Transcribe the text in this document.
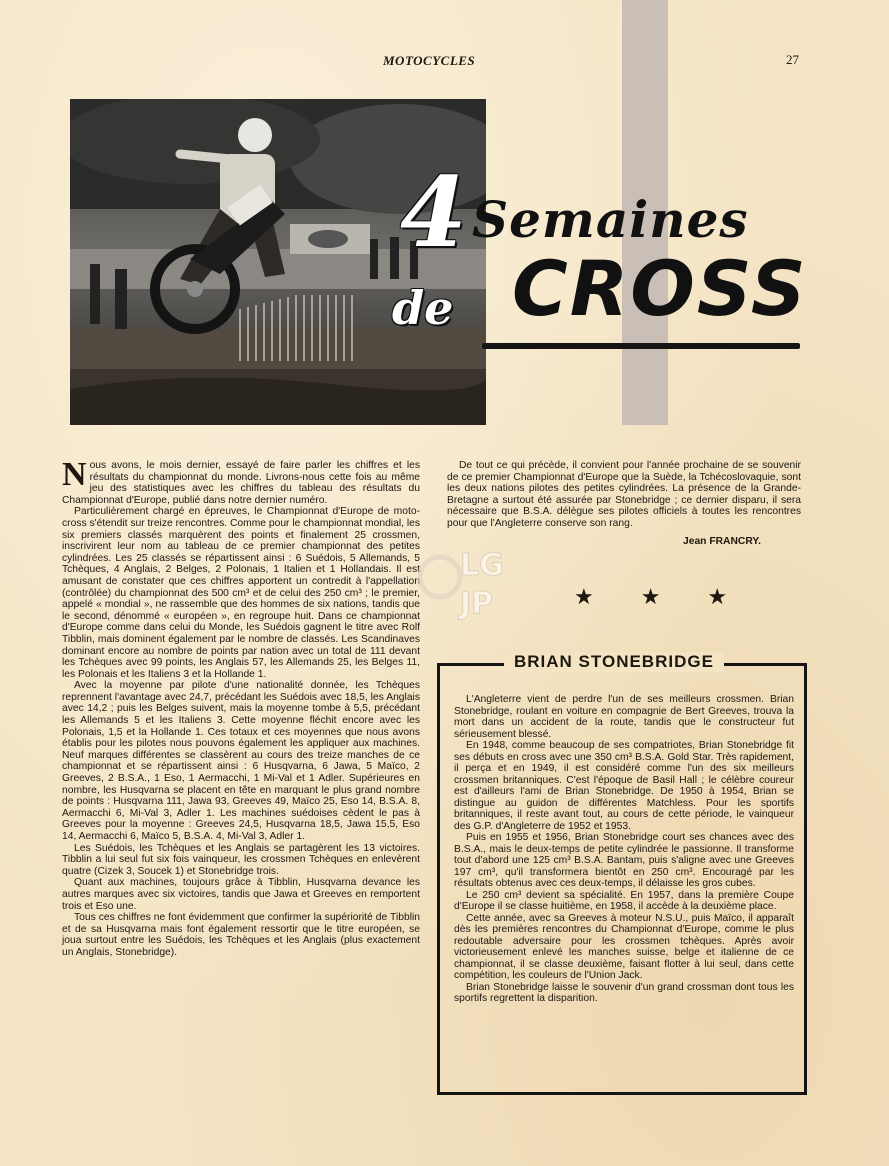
MOTOCYCLES	27
4 Semaines
de CROSS

Nous avons, le mois dernier, essayé de faire parler les chiffres et les résultats du championnat du monde. Livrons-nous cette fois au même jeu des statistiques avec les chiffres du tableau des résultats du Championnat d'Europe, publié dans notre dernier numéro.

Particulièrement chargé en épreuves, le Championnat d'Europe de moto-cross s'étendit sur treize rencontres. Comme pour le championnat mondial, les six premiers classés marquèrent des points et finalement 25 crossmen, inscrivirent leur nom au tableau de ce premier championnat des petites cylindrées. Les 25 classés se répartissent ainsi : 6 Suédois, 5 Allemands, 5 Tchèques, 4 Anglais, 2 Belges, 2 Polonais, 1 Italien et 1 Hollandais. Il est amusant de constater que ces chiffres apportent un contredit à l'appellation (contrôlée) du championnat des 500 cm³ et de celui des 250 cm³ ; le premier, appelé « mondial », ne rassemble que des hommes de six nations, tandis que le second, dénommé « européen », en regroupe huit. Dans ce championnat d'Europe comme dans celui du Monde, les Suédois gagnent le titre avec Rolf Tibblin, mais dominent également par le nombre de classés. Les Scandinaves dominant encore au nombre de points par nation avec un total de 111 devant les Tchèques avec 99 points, les Anglais 57, les Allemands 25, les Belges 11, les Polonais et les Italiens 3 et la Hollande 1.

Avec la moyenne par pilote d'une nationalité donnée, les Tchèques reprennent l'avantage avec 24,7, précédant les Suédois avec 18,5, les Anglais avec 14,2 ; puis les Belges suivent, mais la moyenne tombe à 5,5, précédant les Allemands 5 et les Italiens 3. Cette moyenne fléchit encore avec les Polonais, 1,5 et la Hollande 1. Ces totaux et ces moyennes que nous avons établis pour les pilotes nous pouvons également les appliquer aux machines. Neuf marques différentes se classèrent au cours des treize manches de ce championnat et se répartissent ainsi : 6 Husqvarna, 6 Jawa, 5 Maïco, 2 Greeves, 2 B.S.A., 1 Eso, 1 Aermacchi, 1 Mi-Val et 1 Adler. Supérieures en nombre, les Husqvarna se placent en tête en marquant le plus grand nombre de points : Husqvarna 111, Jawa 93, Greeves 49, Maïco 25, Eso 14, B.S.A. 8, Aermacchi 6, Mi-Val 3, Adler 1. Les machines suédoises cèdent le pas à Greeves pour la moyenne : Greeves 24,5, Husqvarna 18,5, Jawa 15,5, Eso 14, Aermacchi 6, Maïco 5, B.S.A. 4, Mi-Val 3, Adler 1.

Les Suédois, les Tchèques et les Anglais se partagèrent les 13 victoires. Tibblin a lui seul fut six fois vainqueur, les crossmen Tchèques en enlevèrent quatre (Cizek 3, Soucek 1) et Stonebridge trois.

Quant aux machines, toujours grâce à Tibblin, Husqvarna devance les autres marques avec six victoires, tandis que Jawa et Greeves en remportent trois et Eso une.

Tous ces chiffres ne font évidemment que confirmer la supériorité de Tibblin et de sa Husqvarna mais font également ressortir que le titre européen, se joua surtout entre les Suédois, les Tchèques et les Anglais (plus exactement un Anglais, Stonebridge).

De tout ce qui précède, il convient pour l'année prochaine de se souvenir de ce premier Championnat d'Europe que la Suède, la Tchécoslovaquie, sont les deux nations pilotes des petites cylindrées. La présence de la Grande-Bretagne a surtout été assurée par Stonebridge ; ce dernier disparu, il sera nécessaire que B.S.A. délègue ses pilotes officiels à toutes les rencontres pour que l'Angleterre conserve son rang.

Jean FRANCRY.
LG
JP	★ ★ ★
BRIAN STONEBRIDGE

L'Angleterre vient de perdre l'un de ses meilleurs crossmen. Brian Stonebridge, roulant en voiture en compagnie de Bert Greeves, trouva la mort dans un accident de la route, tandis que le constructeur fut sérieusement blessé.

En 1948, comme beaucoup de ses compatriotes, Brian Stonebridge fit ses débuts en cross avec une 350 cm³ B.S.A. Gold Star. Très rapidement, il perça et en 1949, il est considéré comme l'un des six meilleurs crossmen britanniques. C'est l'époque de Basil Hall ; le célèbre coureur est d'ailleurs l'ami de Brian Stonebridge. De 1950 à 1954, Brian se distingue au guidon de différentes Matchless. Pour les sportifs britanniques, il reste avant tout, au cours de cette période, le vainqueur des G.P. d'Angleterre de 1952 et 1953.

Puis en 1955 et 1956, Brian Stonebridge court ses chances avec des B.S.A., mais le deux-temps de petite cylindrée le passionne. Il transforme tout d'abord une 125 cm³ B.S.A. Bantam, puis s'aligne avec une Greeves 197 cm³, qu'il transformera bientôt en 250 cm³. Encouragé par les résultats obtenus avec ces deux-temps, il délaisse les gros cubes.

Le 250 cm³ devient sa spécialité. En 1957, dans la première Coupe d'Europe il se classe huitième, en 1958, il accède à la deuxième place.

Cette année, avec sa Greeves à moteur N.S.U., puis Maïco, il apparaît dès les premières rencontres du Championnat d'Europe, comme le plus redoutable adversaire pour les crossmen tchèques. Après avoir victorieusement enlevé les manches suisse, belge et italienne de ce championnat, il se classe deuxième, faisant flotter à lui seul, dans cette compétition, les couleurs de l'Union Jack.

Brian Stonebridge laisse le souvenir d'un grand crossman dont tous les sportifs regrettent la disparition.
